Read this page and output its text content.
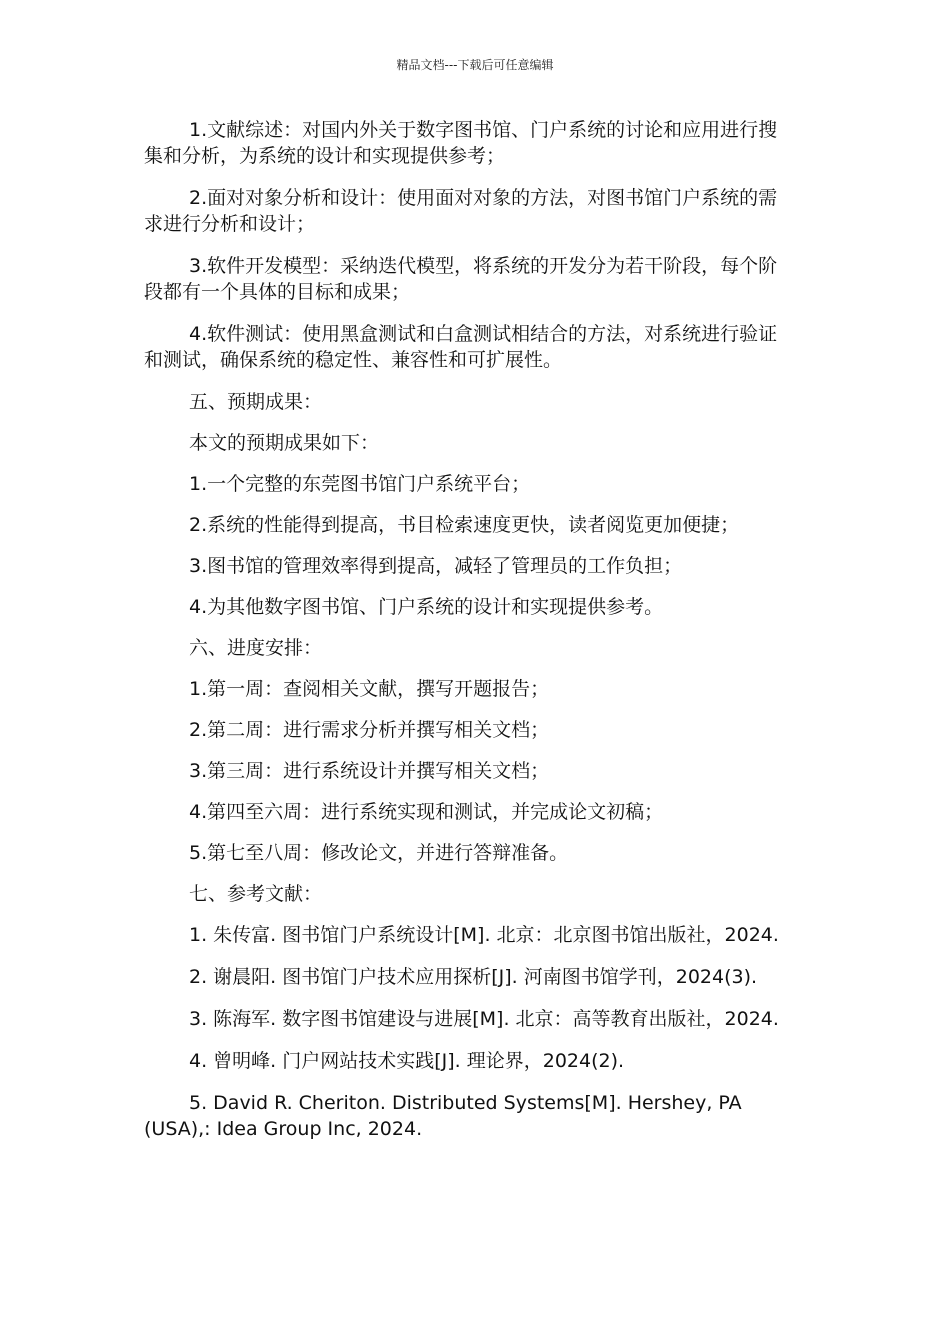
精品文档---下载后可任意编辑

1.文献综述：对国内外关于数字图书馆、门户系统的讨论和应用进行搜集和分析，为系统的设计和实现提供参考；

2.面对对象分析和设计：使用面对对象的方法，对图书馆门户系统的需求进行分析和设计；

3.软件开发模型：采纳迭代模型，将系统的开发分为若干阶段，每个阶段都有一个具体的目标和成果；

4.软件测试：使用黑盒测试和白盒测试相结合的方法，对系统进行验证和测试，确保系统的稳定性、兼容性和可扩展性。

五、预期成果：

本文的预期成果如下：

1.一个完整的东莞图书馆门户系统平台；

2.系统的性能得到提高，书目检索速度更快，读者阅览更加便捷；

3.图书馆的管理效率得到提高，减轻了管理员的工作负担；

4.为其他数字图书馆、门户系统的设计和实现提供参考。

六、进度安排：

1.第一周：查阅相关文献，撰写开题报告；

2.第二周：进行需求分析并撰写相关文档；

3.第三周：进行系统设计并撰写相关文档；

4.第四至六周：进行系统实现和测试，并完成论文初稿；

5.第七至八周：修改论文，并进行答辩准备。

七、参考文献：

1. 朱传富. 图书馆门户系统设计[M]. 北京：北京图书馆出版社，2024.

2. 谢晨阳. 图书馆门户技术应用探析[J]. 河南图书馆学刊，2024(3).

3. 陈海军. 数字图书馆建设与进展[M]. 北京：高等教育出版社，2024.

4. 曾明峰. 门户网站技术实践[J]. 理论界，2024(2).

5. David R. Cheriton. Distributed Systems[M]. Hershey, PA (USA),: Idea Group Inc, 2024.
